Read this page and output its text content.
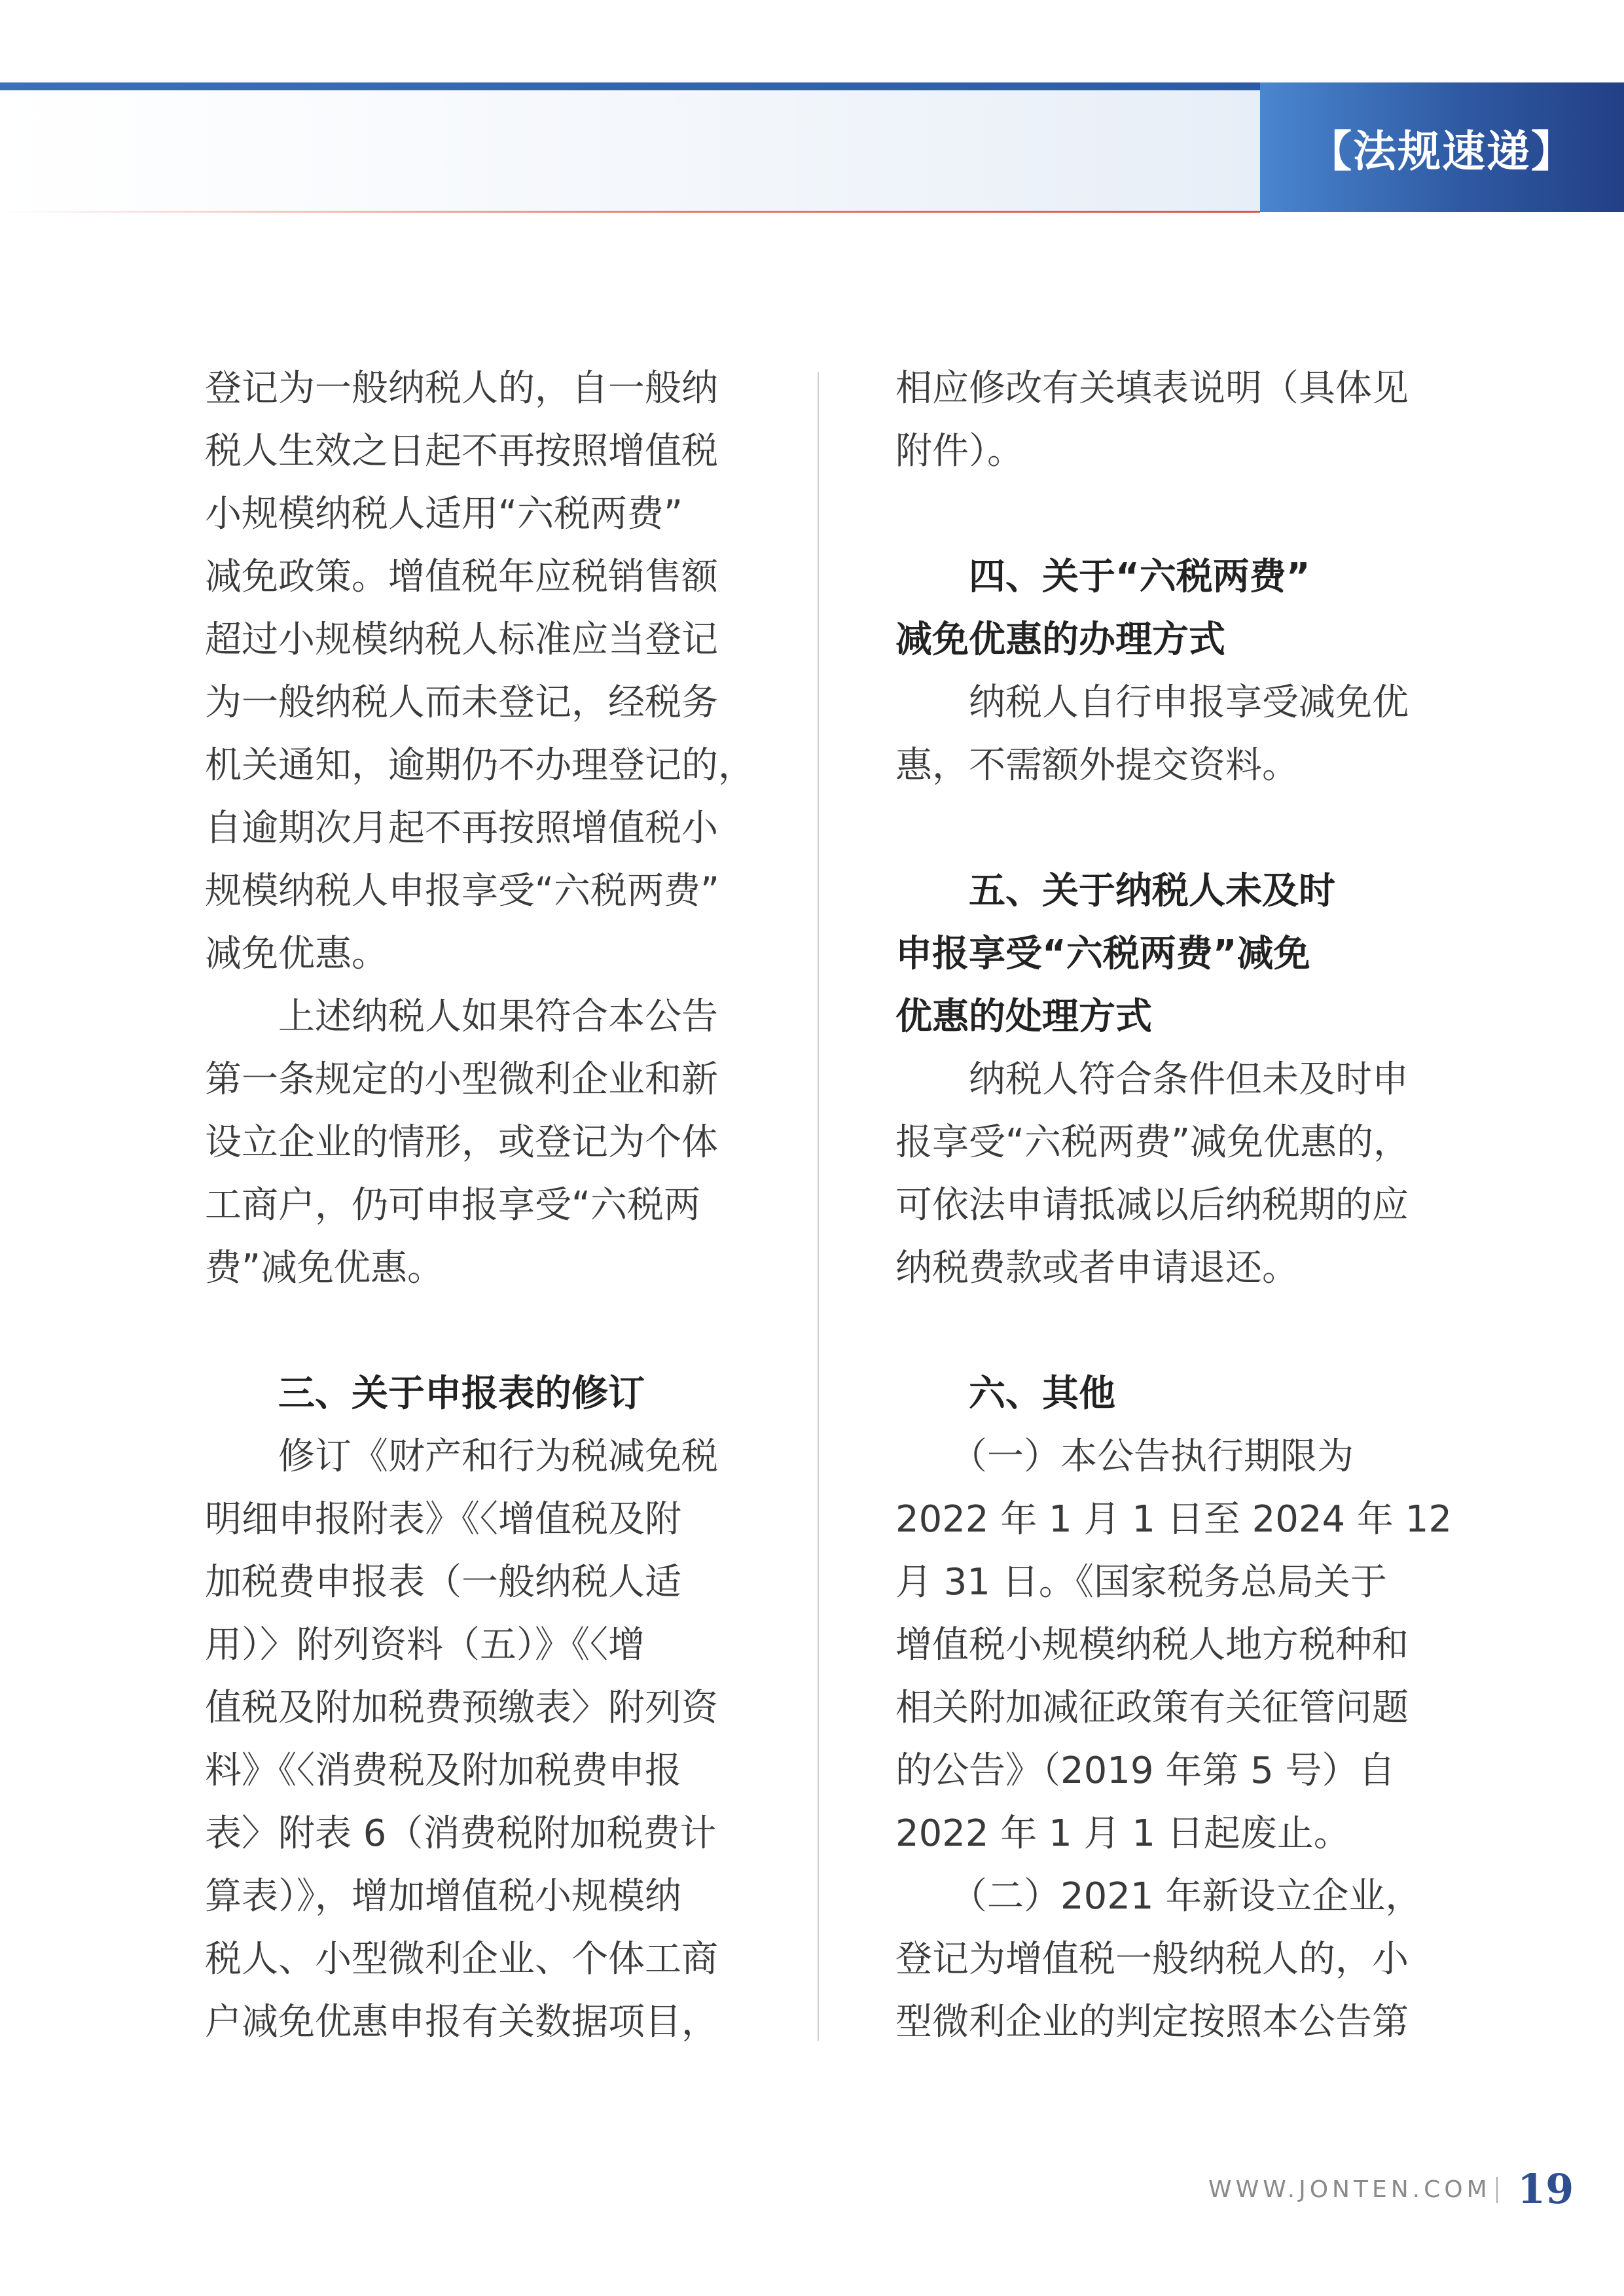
【法规速递】
登记为一般纳税人的，自一般纳
税人生效之日起不再按照增值税
小规模纳税人适用“六税两费”
减免政策。增值税年应税销售额
超过小规模纳税人标准应当登记
为一般纳税人而未登记，经税务
机关通知，逾期仍不办理登记的，
自逾期次月起不再按照增值税小
规模纳税人申报享受“六税两费”
减免优惠。
　　上述纳税人如果符合本公告
第一条规定的小型微利企业和新
设立企业的情形，或登记为个体
工商户，仍可申报享受“六税两
费”减免优惠。
　　三、关于申报表的修订
　　修订《财产和行为税减免税
明细申报附表》《〈增值税及附
加税费申报表（一般纳税人适
用）〉附列资料（五）》《〈增
值税及附加税费预缴表〉附列资
料》《〈消费税及附加税费申报
表〉附表 6（消费税附加税费计
算表）》，增加增值税小规模纳
税人、小型微利企业、个体工商
户减免优惠申报有关数据项目，
相应修改有关填表说明（具体见
附件）。
　　四、关于“六税两费”
减免优惠的办理方式
　　纳税人自行申报享受减免优
惠，不需额外提交资料。
　　五、关于纳税人未及时
申报享受“六税两费”减免
优惠的处理方式
　　纳税人符合条件但未及时申
报享受“六税两费”减免优惠的，
可依法申请抵减以后纳税期的应
纳税费款或者申请退还。
　　六、其他
　　（一）本公告执行期限为
2022 年 1 月 1 日至 2024 年 12
月 31 日。《国家税务总局关于
增值税小规模纳税人地方税种和
相关附加减征政策有关征管问题
的公告》（2019 年第 5 号）自
2022 年 1 月 1 日起废止。
　　（二）2021 年新设立企业，
登记为增值税一般纳税人的，小
型微利企业的判定按照本公告第
WWW.JONTEN.COM 19
